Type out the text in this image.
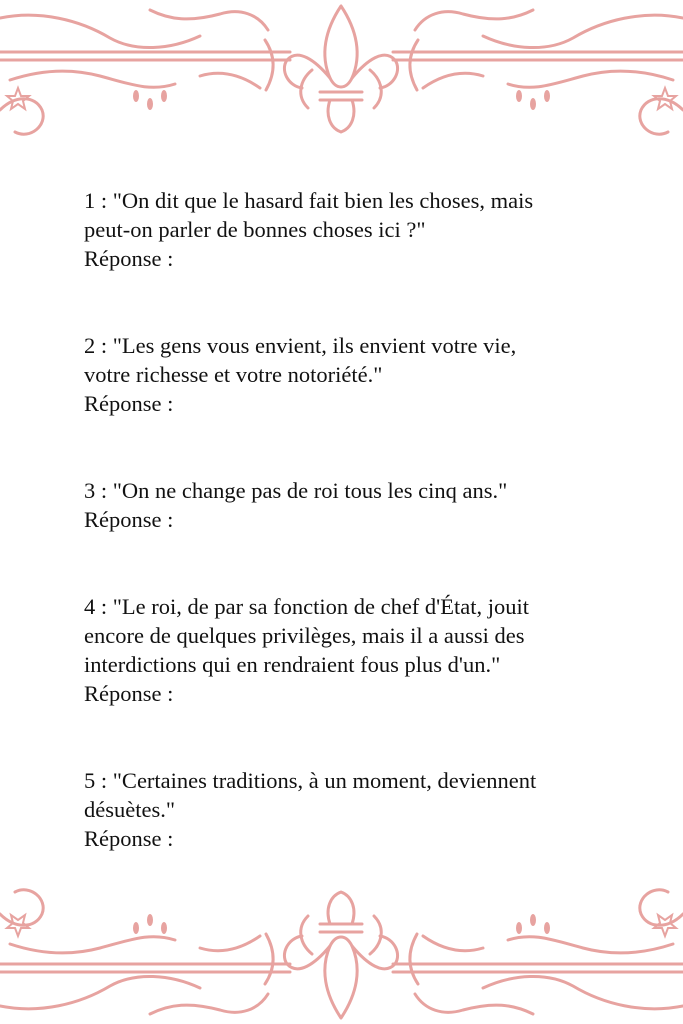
1 : "On dit que le hasard fait bien les choses, mais
peut-on parler de bonnes choses ici ?"
Réponse :
2 : "Les gens vous envient, ils envient votre vie,
votre richesse et votre notoriété."
Réponse :
3 : "On ne change pas de roi tous les cinq ans."
Réponse :
4 : "Le roi, de par sa fonction de chef d'État, jouit
encore de quelques privilèges, mais il a aussi des
interdictions qui en rendraient fous plus d'un."
Réponse :
5 : "Certaines traditions, à un moment, deviennent
désuètes."
Réponse :
